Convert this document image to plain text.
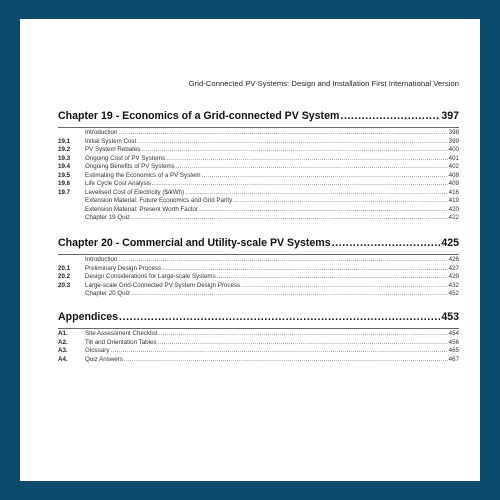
Grid-Connected PV Systems: Design and Installation First International Version
Chapter 19 - Economics of a Grid-connected PV System .....	397
Introduction .....	398
19.1	Initial System Cost .....	399
19.2	PV System Rebates .....	400
19.3	Ongoing Cost of PV Systems .....	401
19.4	Ongoing Benefits of PV Systems .....	402
19.5	Estimating the Economics of a PV System .....	408
19.6	Life Cycle Cost Analysis .....	409
19.7	Levelised Cost of Electricity ($/kWh) .....	416
Extension Material: Future Economics and Grid Parity .....	419
Extension Material: Present Worth Factor .....	420
Chapter 19 Quiz .....	422
Chapter 20 - Commercial and Utility-scale PV Systems .....	425
Introduction .....	426
20.1	Preliminary Design Process .....	427
20.2	Design Considerations for Large-scale Systems .....	429
20.3	Large-scale Grid-Connected PV System Design Process .....	432
Chapter 20 Quiz .....	452
Appendices .....	453
A1.	Site Assessment Checklist .....	454
A2.	Tilt and Orientation Tables .....	456
A3.	Glossary .....	465
A4.	Quiz Answers .....	467
